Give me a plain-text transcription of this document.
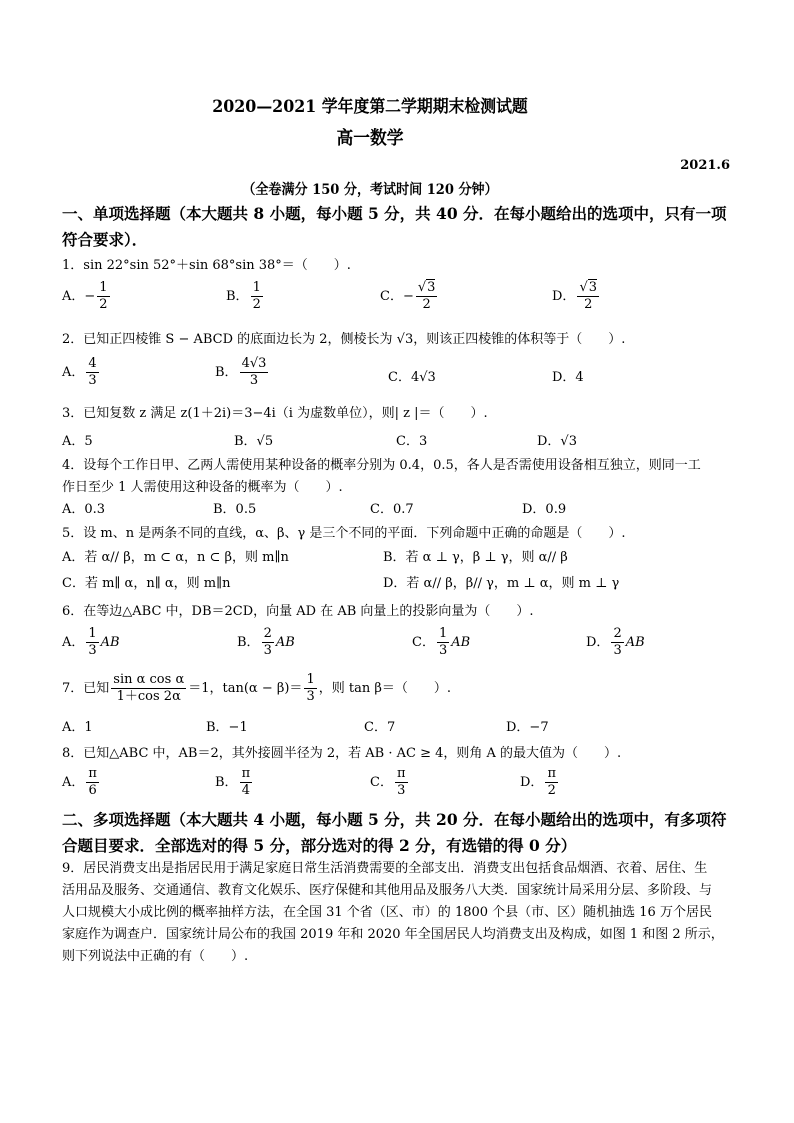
2020—2021 学年度第二学期期末检测试题
高一数学
2021.6
（全卷满分 150 分，考试时间 120 分钟）
一、单项选择题（本大题共 8 小题，每小题 5 分，共 40 分．在每小题给出的选项中，只有一项
符合要求）．
1．sin 22°sin 52°＋sin 68°sin 38°＝（　　）.
A．− $\frac{1}{2}$	B． $\frac{1}{2}$	C．− $\frac{√3}{2}$	D． $\frac{√3}{2}$
2．已知正四棱锥 S − ABCD 的底面边长为 2，侧棱长为 √3，则该正四棱锥的体积等于（　　）.
A． $\frac{4}{3}$	B． $\frac{4√3}{3}$	C．4√3	D．4
3．已知复数 z 满足 z(1＋2i)＝3−4i（i 为虚数单位），则| z |＝（　　）.
A．5	B．√5	C．3	D．√3
4．设每个工作日甲、乙两人需使用某种设备的概率分别为 0.4，0.5，各人是否需使用设备相互独立，则同一工
作日至少 1 人需使用这种设备的概率为（　　）.
A．0.3	B．0.5	C．0.7	D．0.9
5．设 m、n 是两条不同的直线，α、β、γ 是三个不同的平面．下列命题中正确的命题是（　　）.
A．若 α// β，m ⊂ α，n ⊂ β，则 m∥n	B．若 α ⊥ γ，β ⊥ γ，则 α// β
C．若 m∥ α，n∥ α，则 m∥n	D．若 α// β，β// γ，m ⊥ α，则 m ⊥ γ
6．在等边△ABC 中，DB＝2CD，向量 AD 在 AB 向量上的投影向量为（　　）.
A． $\frac{1}{3}$ AB	B． $\frac{2}{3}$ AB	C． $\frac{1}{3}$ AB	D． $\frac{2}{3}$ AB
7．已知 $\frac{\text{sin α cos α}}{1+\cos 2\alpha} =1$，$\tan(\alpha - \beta)= \frac{1}{3}$ ，则 tan β＝（　　）.
A．1	B．−1	C．7	D．−7
8．已知△ABC 中，AB＝2，其外接圆半径为 2，若 AB · AC ≥ 4，则角 A 的最大值为（　　）.
A． $\frac{\pi}{6}$	B． $\frac{\pi}{4}$	C． $\frac{\pi}{3}$	D． $\frac{\pi}{2}$
二、多项选择题（本大题共 4 小题，每小题 5 分，共 20 分．在每小题给出的选项中，有多项符
合题目要求．全部选对的得 5 分，部分选对的得 2 分，有选错的得 0 分）
9．居民消费支出是指居民用于满足家庭日常生活消费需要的全部支出．消费支出包括食品烟酒、衣着、居住、生
活用品及服务、交通通信、教育文化娱乐、医疗保健和其他用品及服务八大类．国家统计局采用分层、多阶段、与
人口规模大小成比例的概率抽样方法，在全国 31 个省（区、市）的 1800 个县（市、区）随机抽选 16 万个居民
家庭作为调查户．国家统计局公布的我国 2019 年和 2020 年全国居民人均消费支出及构成，如图 1 和图 2 所示，
则下列说法中正确的有（　　）.
